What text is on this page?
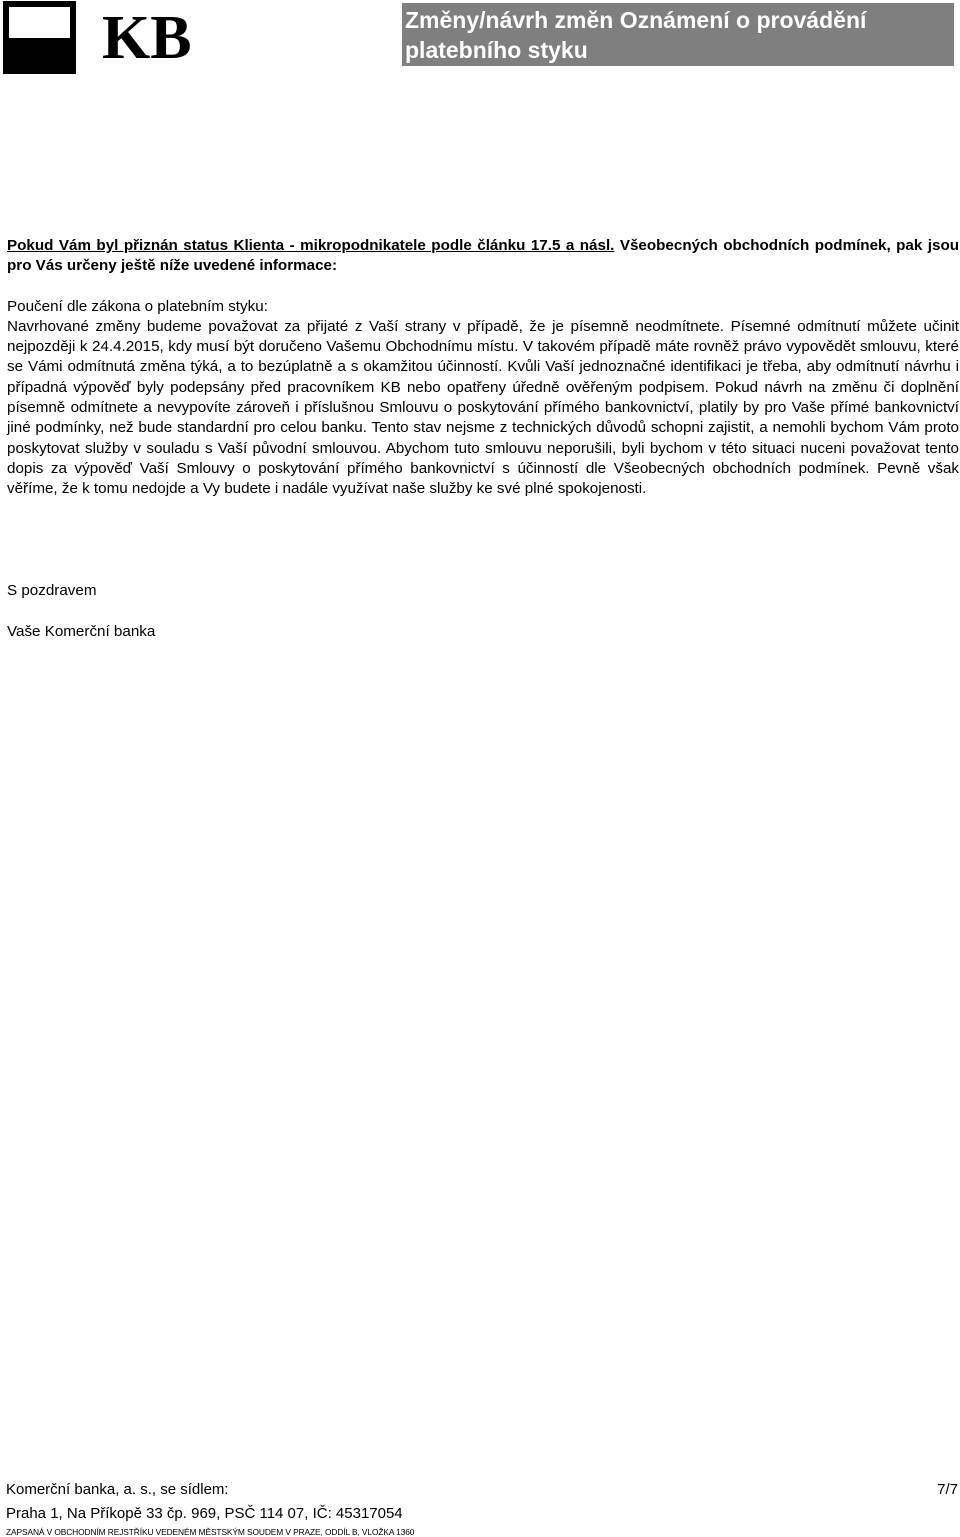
KB	Změny/návrh změn Oznámení o provádění
platebního styku

Pokud Vám byl přiznán status Klienta - mikropodnikatele podle článku 17.5 a násl. Všeobecných obchodních podmínek, pak jsou pro Vás určeny ještě níže uvedené informace:

Poučení dle zákona o platebním styku:

Navrhované změny budeme považovat za přijaté z Vaší strany v případě, že je písemně neodmítnete. Písemné odmítnutí můžete učinit nejpozději k 24.4.2015, kdy musí být doručeno Vašemu Obchodnímu místu. V takovém případě máte rovněž právo vypovědět smlouvu, které se Vámi odmítnutá změna týká, a to bezúplatně a s okamžitou účinností. Kvůli Vaší jednoznačné identifikaci je třeba, aby odmítnutí návrhu i případná výpověď byly podepsány před pracovníkem KB nebo opatřeny úředně ověřeným podpisem. Pokud návrh na změnu či doplnění písemně odmítnete a nevypovíte zároveň i příslušnou Smlouvu o poskytování přímého bankovnictví, platily by pro Vaše přímé bankovnictví jiné podmínky, než bude standardní pro celou banku. Tento stav nejsme z technických důvodů schopni zajistit, a nemohli bychom Vám proto poskytovat služby v souladu s Vaší původní smlouvou. Abychom tuto smlouvu neporušili, byli bychom v této situaci nuceni považovat tento dopis za výpověď Vaší Smlouvy o poskytování přímého bankovnictví s účinností dle Všeobecných obchodních podmínek. Pevně však věříme, že k tomu nedojde a Vy budete i nadále využívat naše služby ke své plné spokojenosti.

S pozdravem
Vaše Komerční banka
Komerční banka, a. s., se sídlem:	7/7
Praha 1, Na Příkopě 33 čp. 969, PSČ 114 07, IČ: 45317054
ZAPSANÁ V OBCHODNÍM REJSTŘÍKU VEDENÉM MĚSTSKÝM SOUDEM V PRAZE, ODDÍL B, VLOŽKA 1360
